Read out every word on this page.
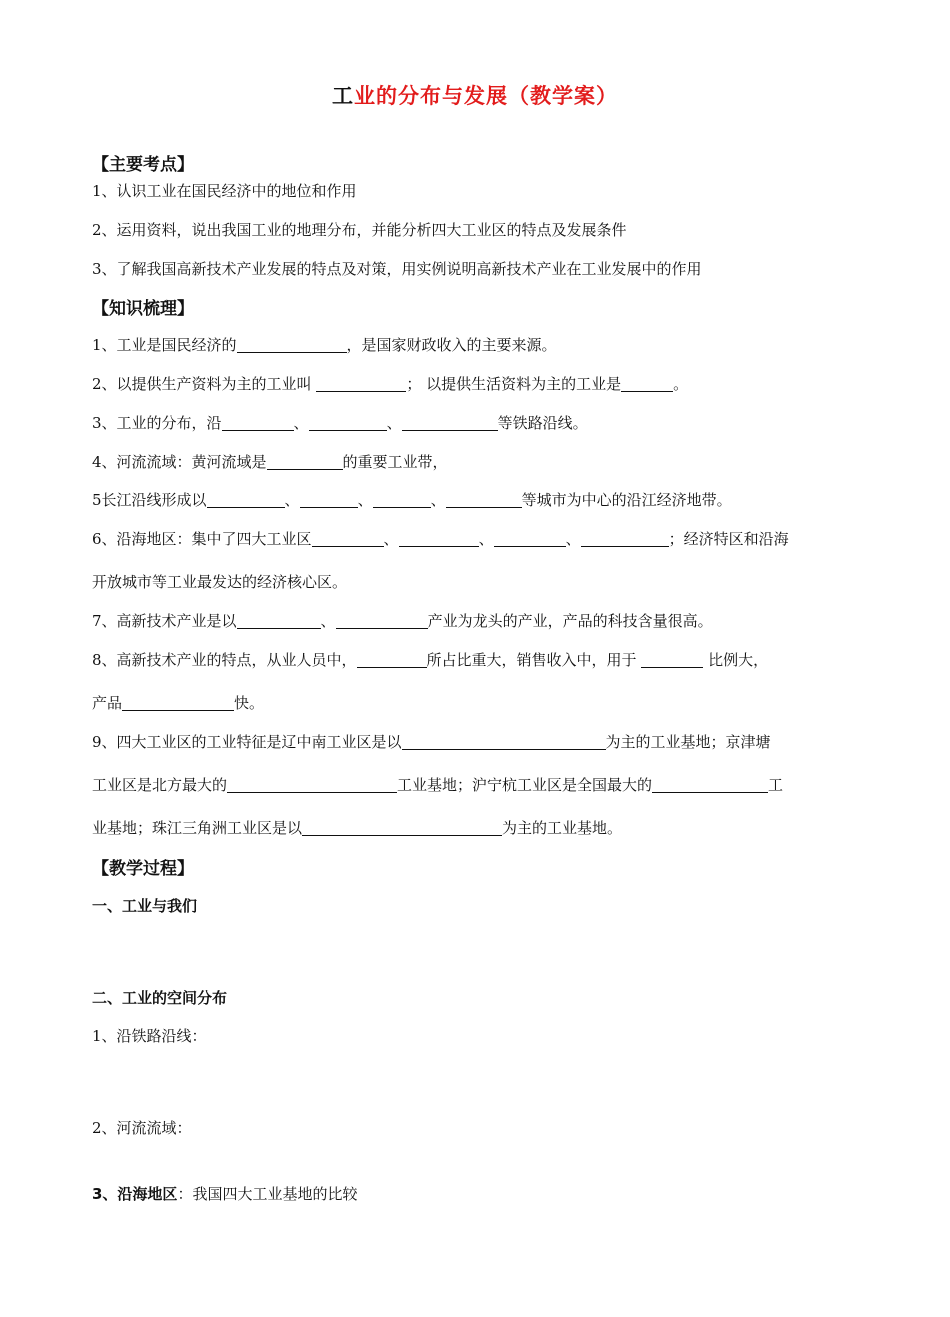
工业的分布与发展（教学案）
【主要考点】
1、认识工业在国民经济中的地位和作用
2、运用资料，说出我国工业的地理分布，并能分析四大工业区的特点及发展条件
3、了解我国高新技术产业发展的特点及对策，用实例说明高新技术产业在工业发展中的作用
【知识梳理】
1、工业是国民经济的	，是国家财政收入的主要来源。
2、以提供生产资料为主的工业叫	； 以提供生活资料为主的工业是	。
3、工业的分布，沿	、	、	等铁路沿线。
4、河流流域：黄河流域是	的重要工业带，
5长江沿线形成以	、	、	、	等城市为中心的沿江经济地带。
6、沿海地区：集中了四大工业区	、	、	、	；经济特区和沿海
开放城市等工业最发达的经济核心区。
7、高新技术产业是以	、	产业为龙头的产业，产品的科技含量很高。
8、高新技术产业的特点，从业人员中，	所占比重大，销售收入中，用于	比例大，
产品	快。
9、四大工业区的工业特征是辽中南工业区是以	为主的工业基地；京津塘
工业区是北方最大的	工业基地；沪宁杭工业区是全国最大的	工
业基地；珠江三角洲工业区是以	为主的工业基地。
【教学过程】
一、工业与我们
二、工业的空间分布
1、沿铁路沿线：
2、河流流域：
3、沿海地区：我国四大工业基地的比较
